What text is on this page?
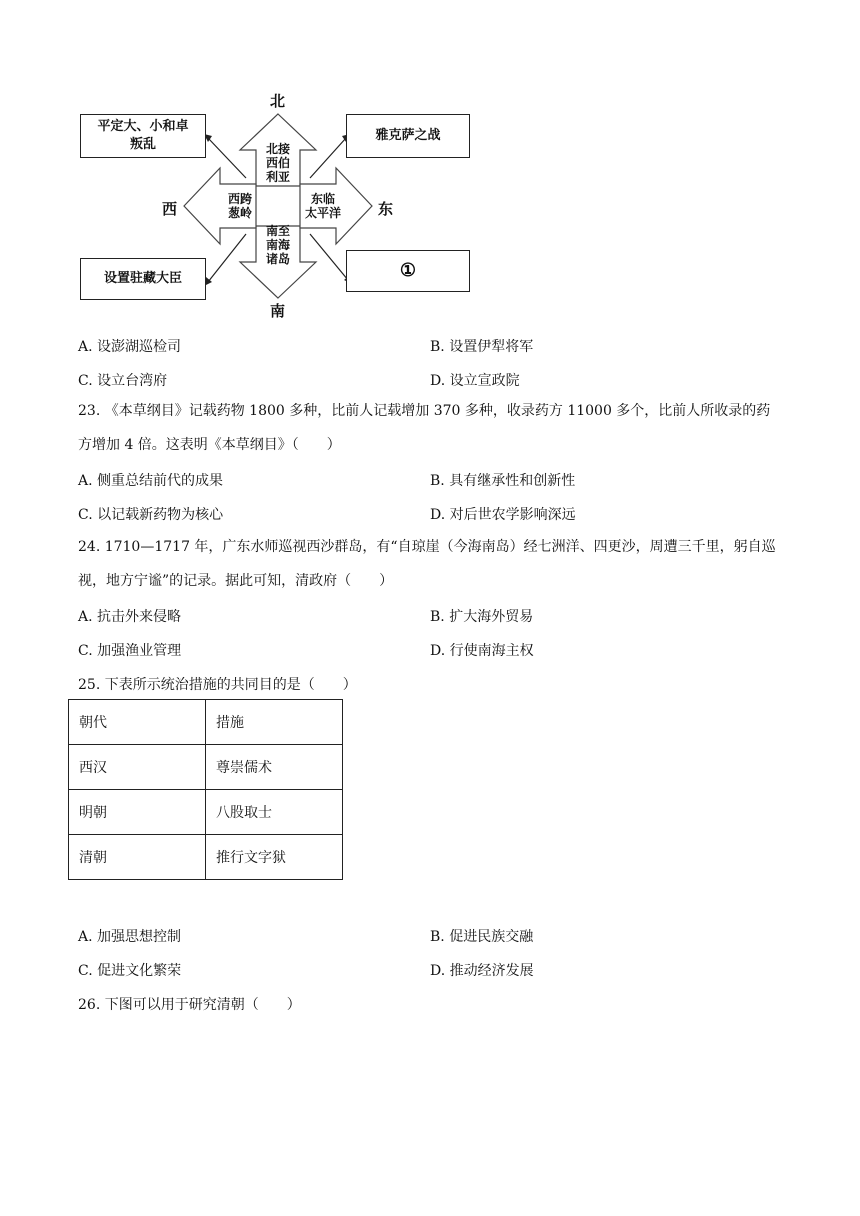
北
南
西	东
北接
西伯
利亚
西跨
葱岭
东临
太平洋
南至
南海
诸岛
平定大、小和卓
叛乱
雅克萨之战
设置驻藏大臣	①
A. 设澎湖巡检司	B. 设置伊犁将军
C. 设立台湾府	D. 设立宣政院
23. 《本草纲目》记载药物 1800 多种，比前人记载增加 370 多种，收录药方 11000 多个，比前人所收录的药方增加 4 倍。这表明《本草纲目》（　　）
A. 侧重总结前代的成果	B. 具有继承性和创新性
C. 以记载新药物为核心	D. 对后世农学影响深远
24. 1710—1717 年，广东水师巡视西沙群岛，有“自琼崖（今海南岛）经七洲洋、四更沙，周遭三千里，躬自巡视，地方宁谧”的记录。据此可知，清政府（　　）
A. 抗击外来侵略	B. 扩大海外贸易
C. 加强渔业管理	D. 行使南海主权
25. 下表所示统治措施的共同目的是（　　）
朝代	措施
西汉	尊崇儒术
明朝	八股取士
清朝	推行文字狱
A. 加强思想控制	B. 促进民族交融
C. 促进文化繁荣	D. 推动经济发展
26. 下图可以用于研究清朝（　　）
